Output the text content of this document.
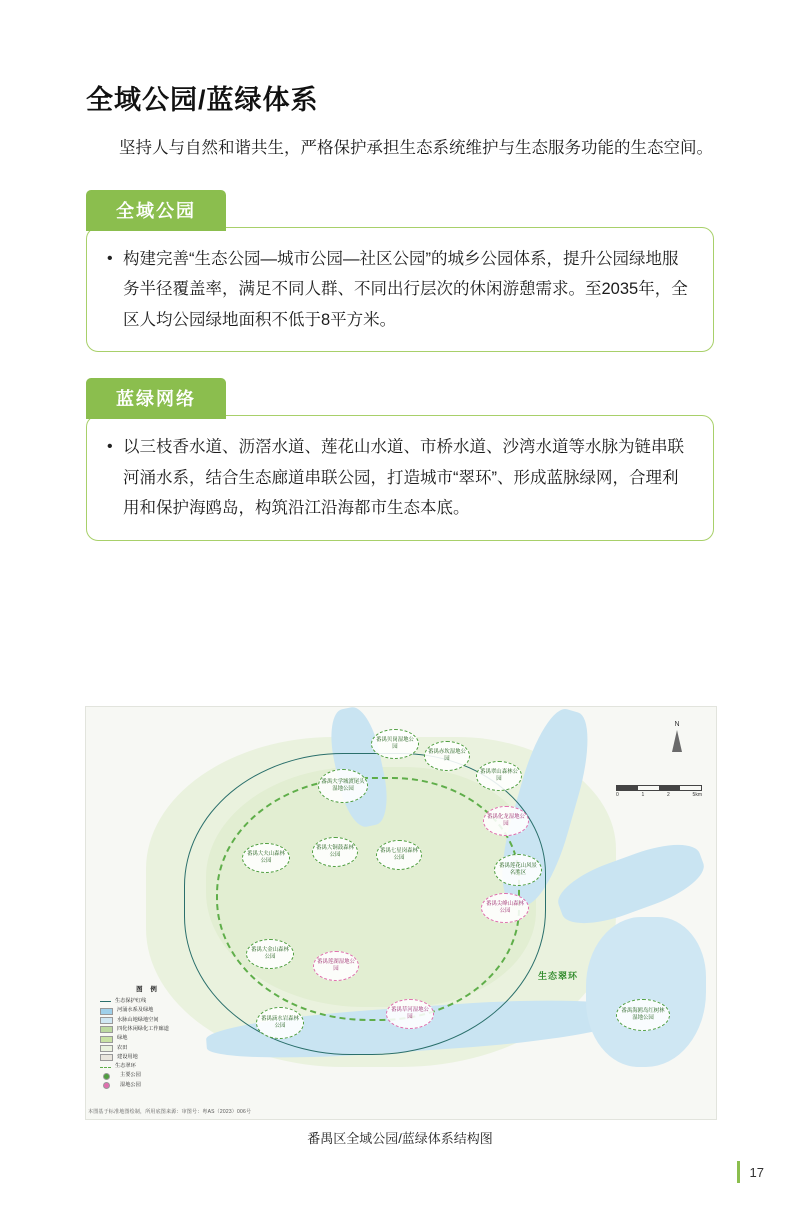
全域公园/蓝绿体系

坚持人与自然和谐共生，严格保护承担生态系统维护与生态服务功能的生态空间。

全域公园
• 构建完善“生态公园—城市公园—社区公园”的城乡公园体系，提升公园绿地服务半径覆盖率，满足不同人群、不同出行层次的休闲游憩需求。至2035年，全区人均公园绿地面积不低于8平方米。
蓝绿网络
• 以三枝香水道、沥滘水道、莲花山水道、市桥水道、沙湾水道等水脉为链串联河涌水系，结合生态廊道串联公园，打造城市“翠环”、形成蓝脉绿网，合理利用和保护海鸥岛，构筑沿江沿海都市生态本底。
生态翠环
番禺贝岗湿地公园
番禺赤坎湿地公园
番禺翠山森林公园
番禺大学城渡尾头湿地公园
番禺化龙湿地公园
番禺大夫山森林公园
番禺大铜鼓森林公园
番禺七星岗森林公园
番禺莲花山风景名胜区
番禺尖峰山森林公园
番禺大金山森林公园
番禺莲湖湿地公园
番禺滴水岩森林公园
番禺草河湿地公园
番禺海鸥岛红树林湿地公园
N
0	1	2	5km
图 例
生态保护红线
河涌水系及绿地
水脉山地绿地空间
四化休闲绿化工作廊道
绿地
农田
建设用地
生态翠环
主要公园
湿地公园
本图基于标准地图绘制，所用底图来源：审图号：粤AS（2023）006号
番禺区全域公园/蓝绿体系结构图
17
